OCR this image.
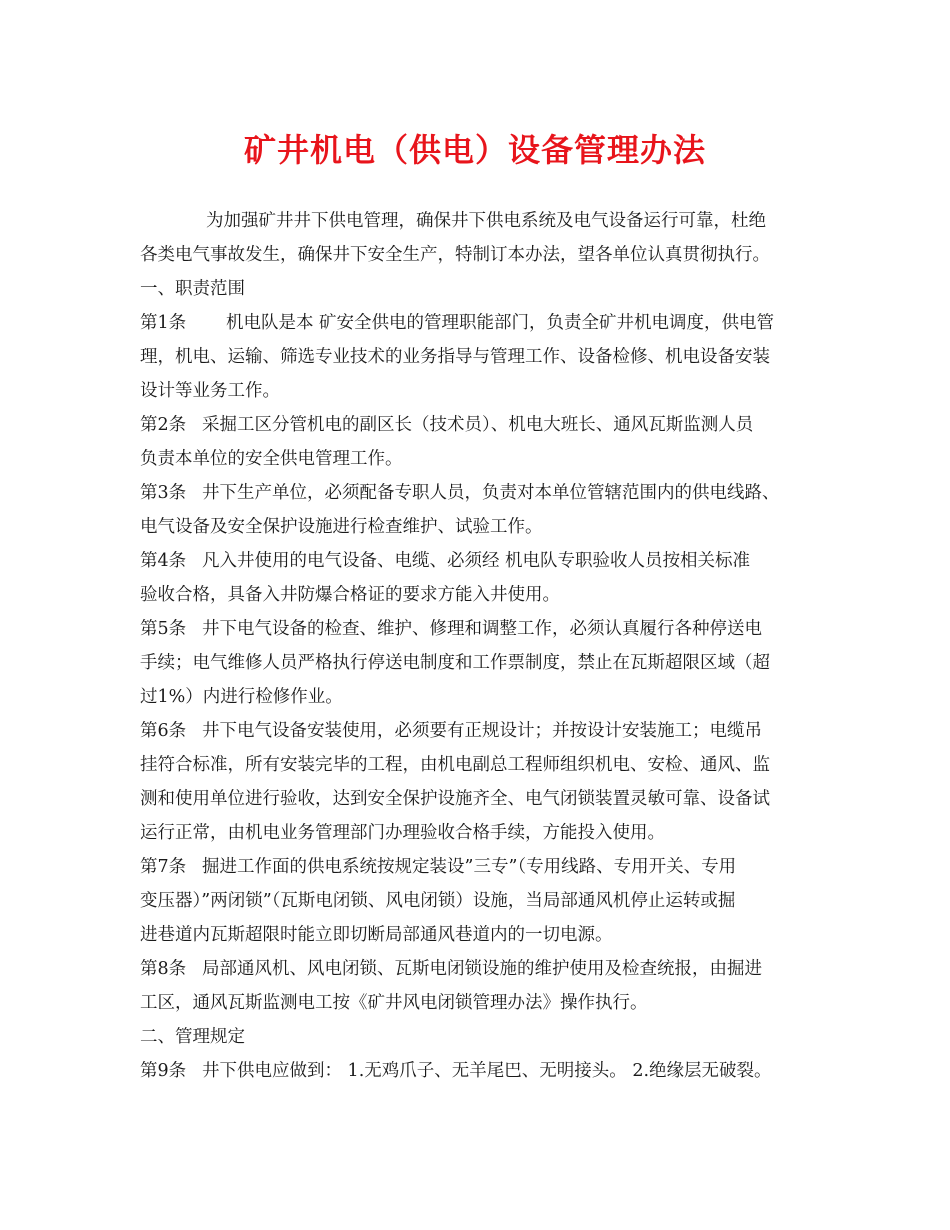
矿井机电（供电）设备管理办法
为加强矿井井下供电管理，确保井下供电系统及电气设备运行可靠，杜绝
各类电气事故发生，确保井下安全生产，特制订本办法，望各单位认真贯彻执行。
一、职责范围
第1条 机电队是本 矿安全供电的管理职能部门，负责全矿井机电调度，供电管
理，机电、运输、筛选专业技术的业务指导与管理工作、设备检修、机电设备安装
设计等业务工作。
第2条 采掘工区分管机电的副区长（技术员）、机电大班长、通风瓦斯监测人员
负责本单位的安全供电管理工作。
第3条 井下生产单位，必须配备专职人员，负责对本单位管辖范围内的供电线路、
电气设备及安全保护设施进行检查维护、试验工作。
第4条 凡入井使用的电气设备、电缆、必须经 机电队专职验收人员按相关标准
验收合格，具备入井防爆合格证的要求方能入井使用。
第5条 井下电气设备的检查、维护、修理和调整工作，必须认真履行各种停送电
手续；电气维修人员严格执行停送电制度和工作票制度，禁止在瓦斯超限区域（超
过1%）内进行检修作业。
第6条 井下电气设备安装使用，必须要有正规设计；并按设计安装施工；电缆吊
挂符合标准，所有安装完毕的工程，由机电副总工程师组织机电、安检、通风、监
测和使用单位进行验收，达到安全保护设施齐全、电气闭锁装置灵敏可靠、设备试
运行正常，由机电业务管理部门办理验收合格手续，方能投入使用。
第7条 掘进工作面的供电系统按规定装设”三专”（专用线路、专用开关、专用
变压器）”两闭锁”（瓦斯电闭锁、风电闭锁）设施，当局部通风机停止运转或掘
进巷道内瓦斯超限时能立即切断局部通风巷道内的一切电源。
第8条 局部通风机、风电闭锁、瓦斯电闭锁设施的维护使用及检查统报，由掘进
工区，通风瓦斯监测电工按《矿井风电闭锁管理办法》操作执行。
二、管理规定
第9条 井下供电应做到： 1.无鸡爪子、无羊尾巴、无明接头。 2.绝缘层无破裂。
